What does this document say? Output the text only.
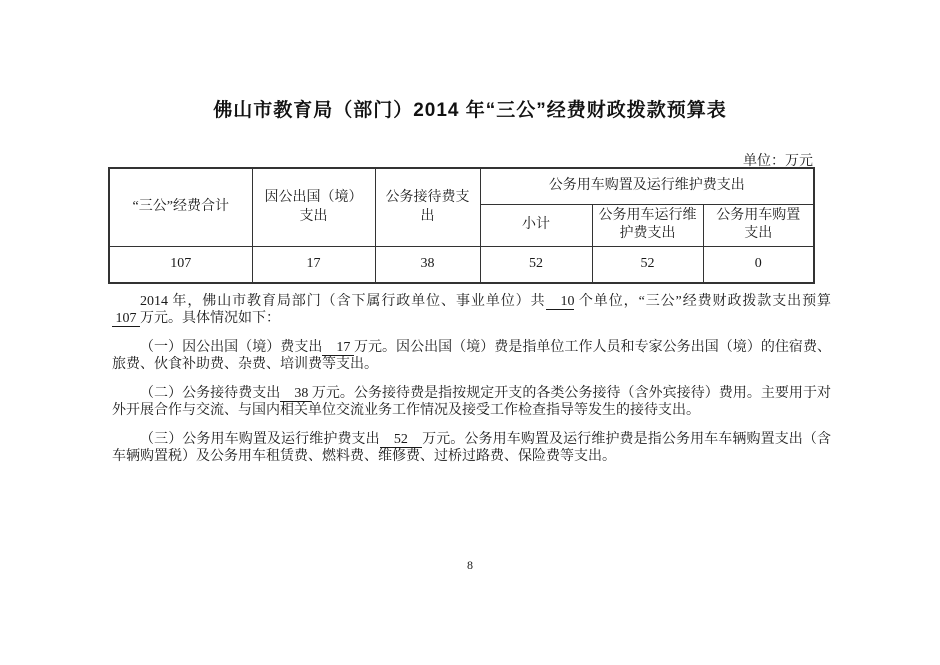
佛山市教育局（部门）2014 年“三公”经费财政拨款预算表
单位：万元
“三公”经费合计	因公出国（境）支出	公务接待费支出	公务用车购置及运行维护费支出		
			小计	公务用车运行维护费支出	公务用车购置支出
107	17	38	52	52	0

2014 年，佛山市教育局部门（含下属行政单位、事业单位）共　10 个单位，“三公”经费财政拨款支出预算 107 万元。具体情况如下：

（一）因公出国（境）费支出　17 万元。因公出国（境）费是指单位工作人员和专家公务出国（境）的住宿费、旅费、伙食补助费、杂费、培训费等支出。

（二）公务接待费支出　38 万元。公务接待费是指按规定开支的各类公务接待（含外宾接待）费用。主要用于对外开展合作与交流、与国内相关单位交流业务工作情况及接受工作检查指导等发生的接待支出。

（三）公务用车购置及运行维护费支出　52　万元。公务用车购置及运行维护费是指公务用车车辆购置支出（含车辆购置税）及公务用车租赁费、燃料费、维修费、过桥过路费、保险费等支出。

8
